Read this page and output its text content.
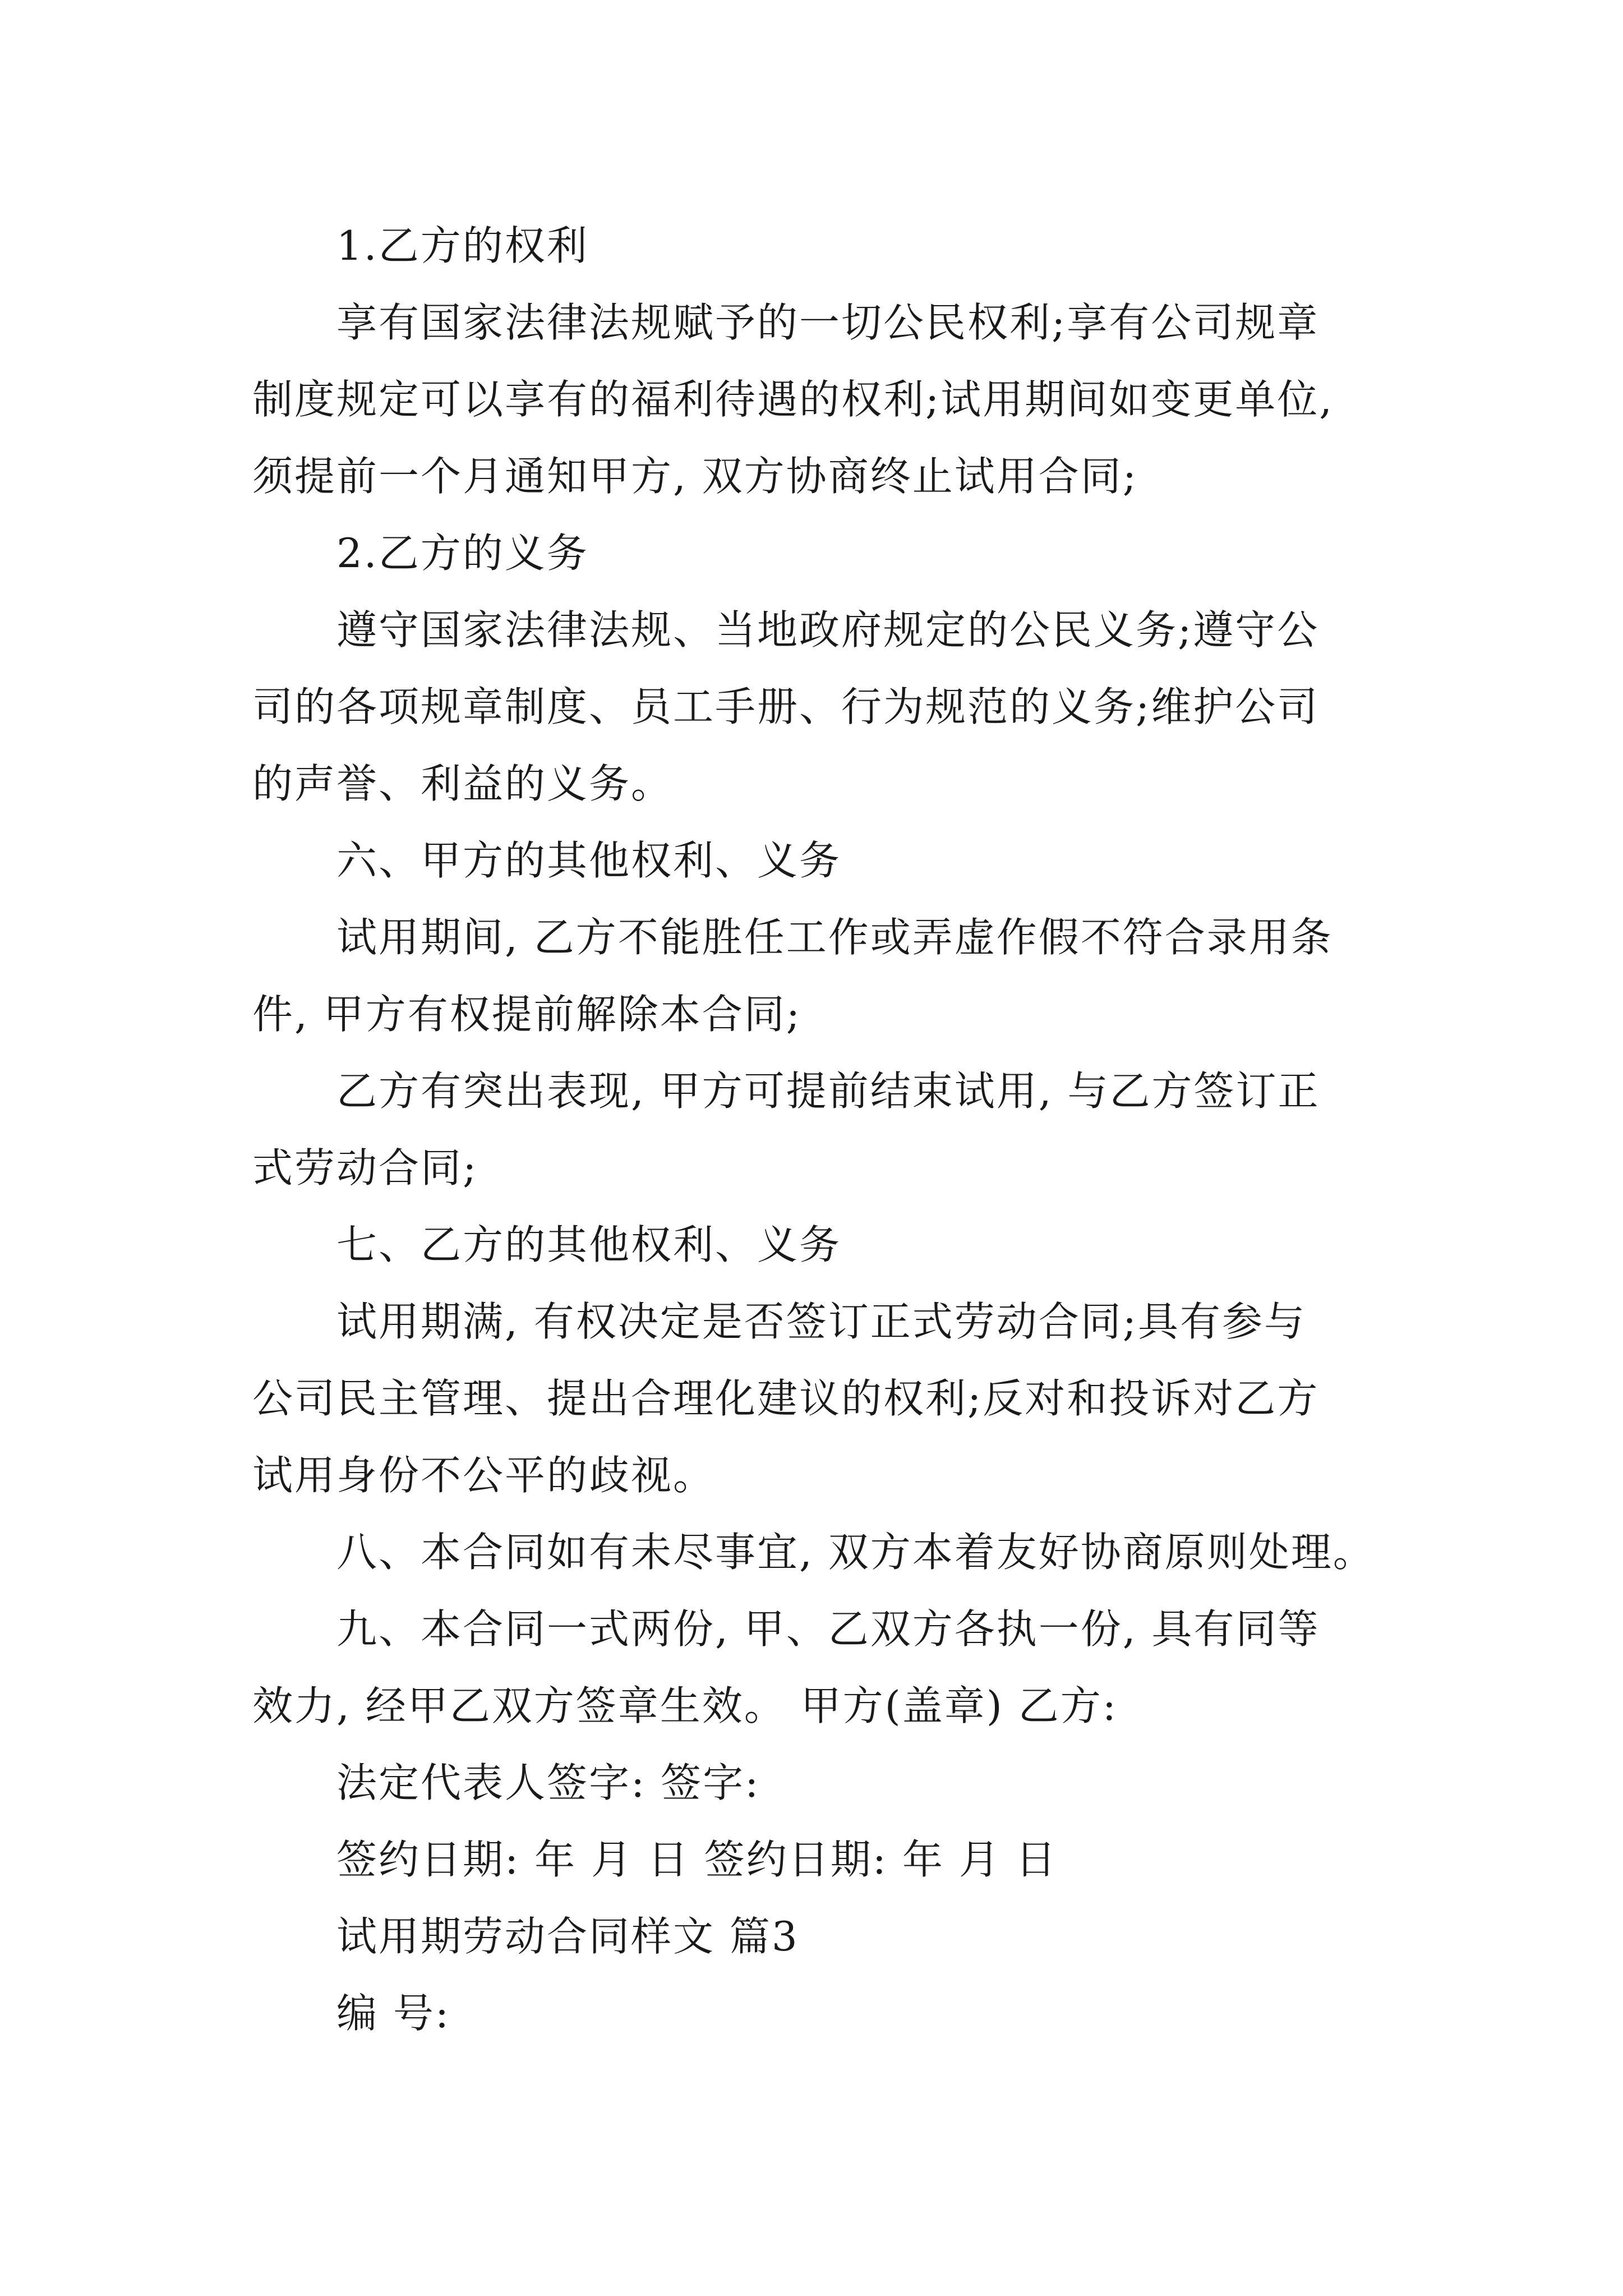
1.乙方的权利

享有国家法律法规赋予的一切公民权利;享有公司规章

制度规定可以享有的福利待遇的权利;试用期间如变更单位,

须提前一个月通知甲方, 双方协商终止试用合同;

2.乙方的义务

遵守国家法律法规、当地政府规定的公民义务;遵守公

司的各项规章制度、员工手册、行为规范的义务;维护公司

的声誉、利益的义务。

六、甲方的其他权利、义务

试用期间, 乙方不能胜任工作或弄虚作假不符合录用条

件, 甲方有权提前解除本合同;

乙方有突出表现, 甲方可提前结束试用, 与乙方签订正

式劳动合同;

七、乙方的其他权利、义务

试用期满, 有权决定是否签订正式劳动合同;具有参与

公司民主管理、提出合理化建议的权利;反对和投诉对乙方

试用身份不公平的歧视。

八、本合同如有未尽事宜, 双方本着友好协商原则处理。

九、本合同一式两份, 甲、乙双方各执一份, 具有同等

效力, 经甲乙双方签章生效。 甲方(盖章) 乙方:

法定代表人签字: 签字:

签约日期: 年 月 日 签约日期: 年 月 日

试用期劳动合同样文 篇3

编 号:
